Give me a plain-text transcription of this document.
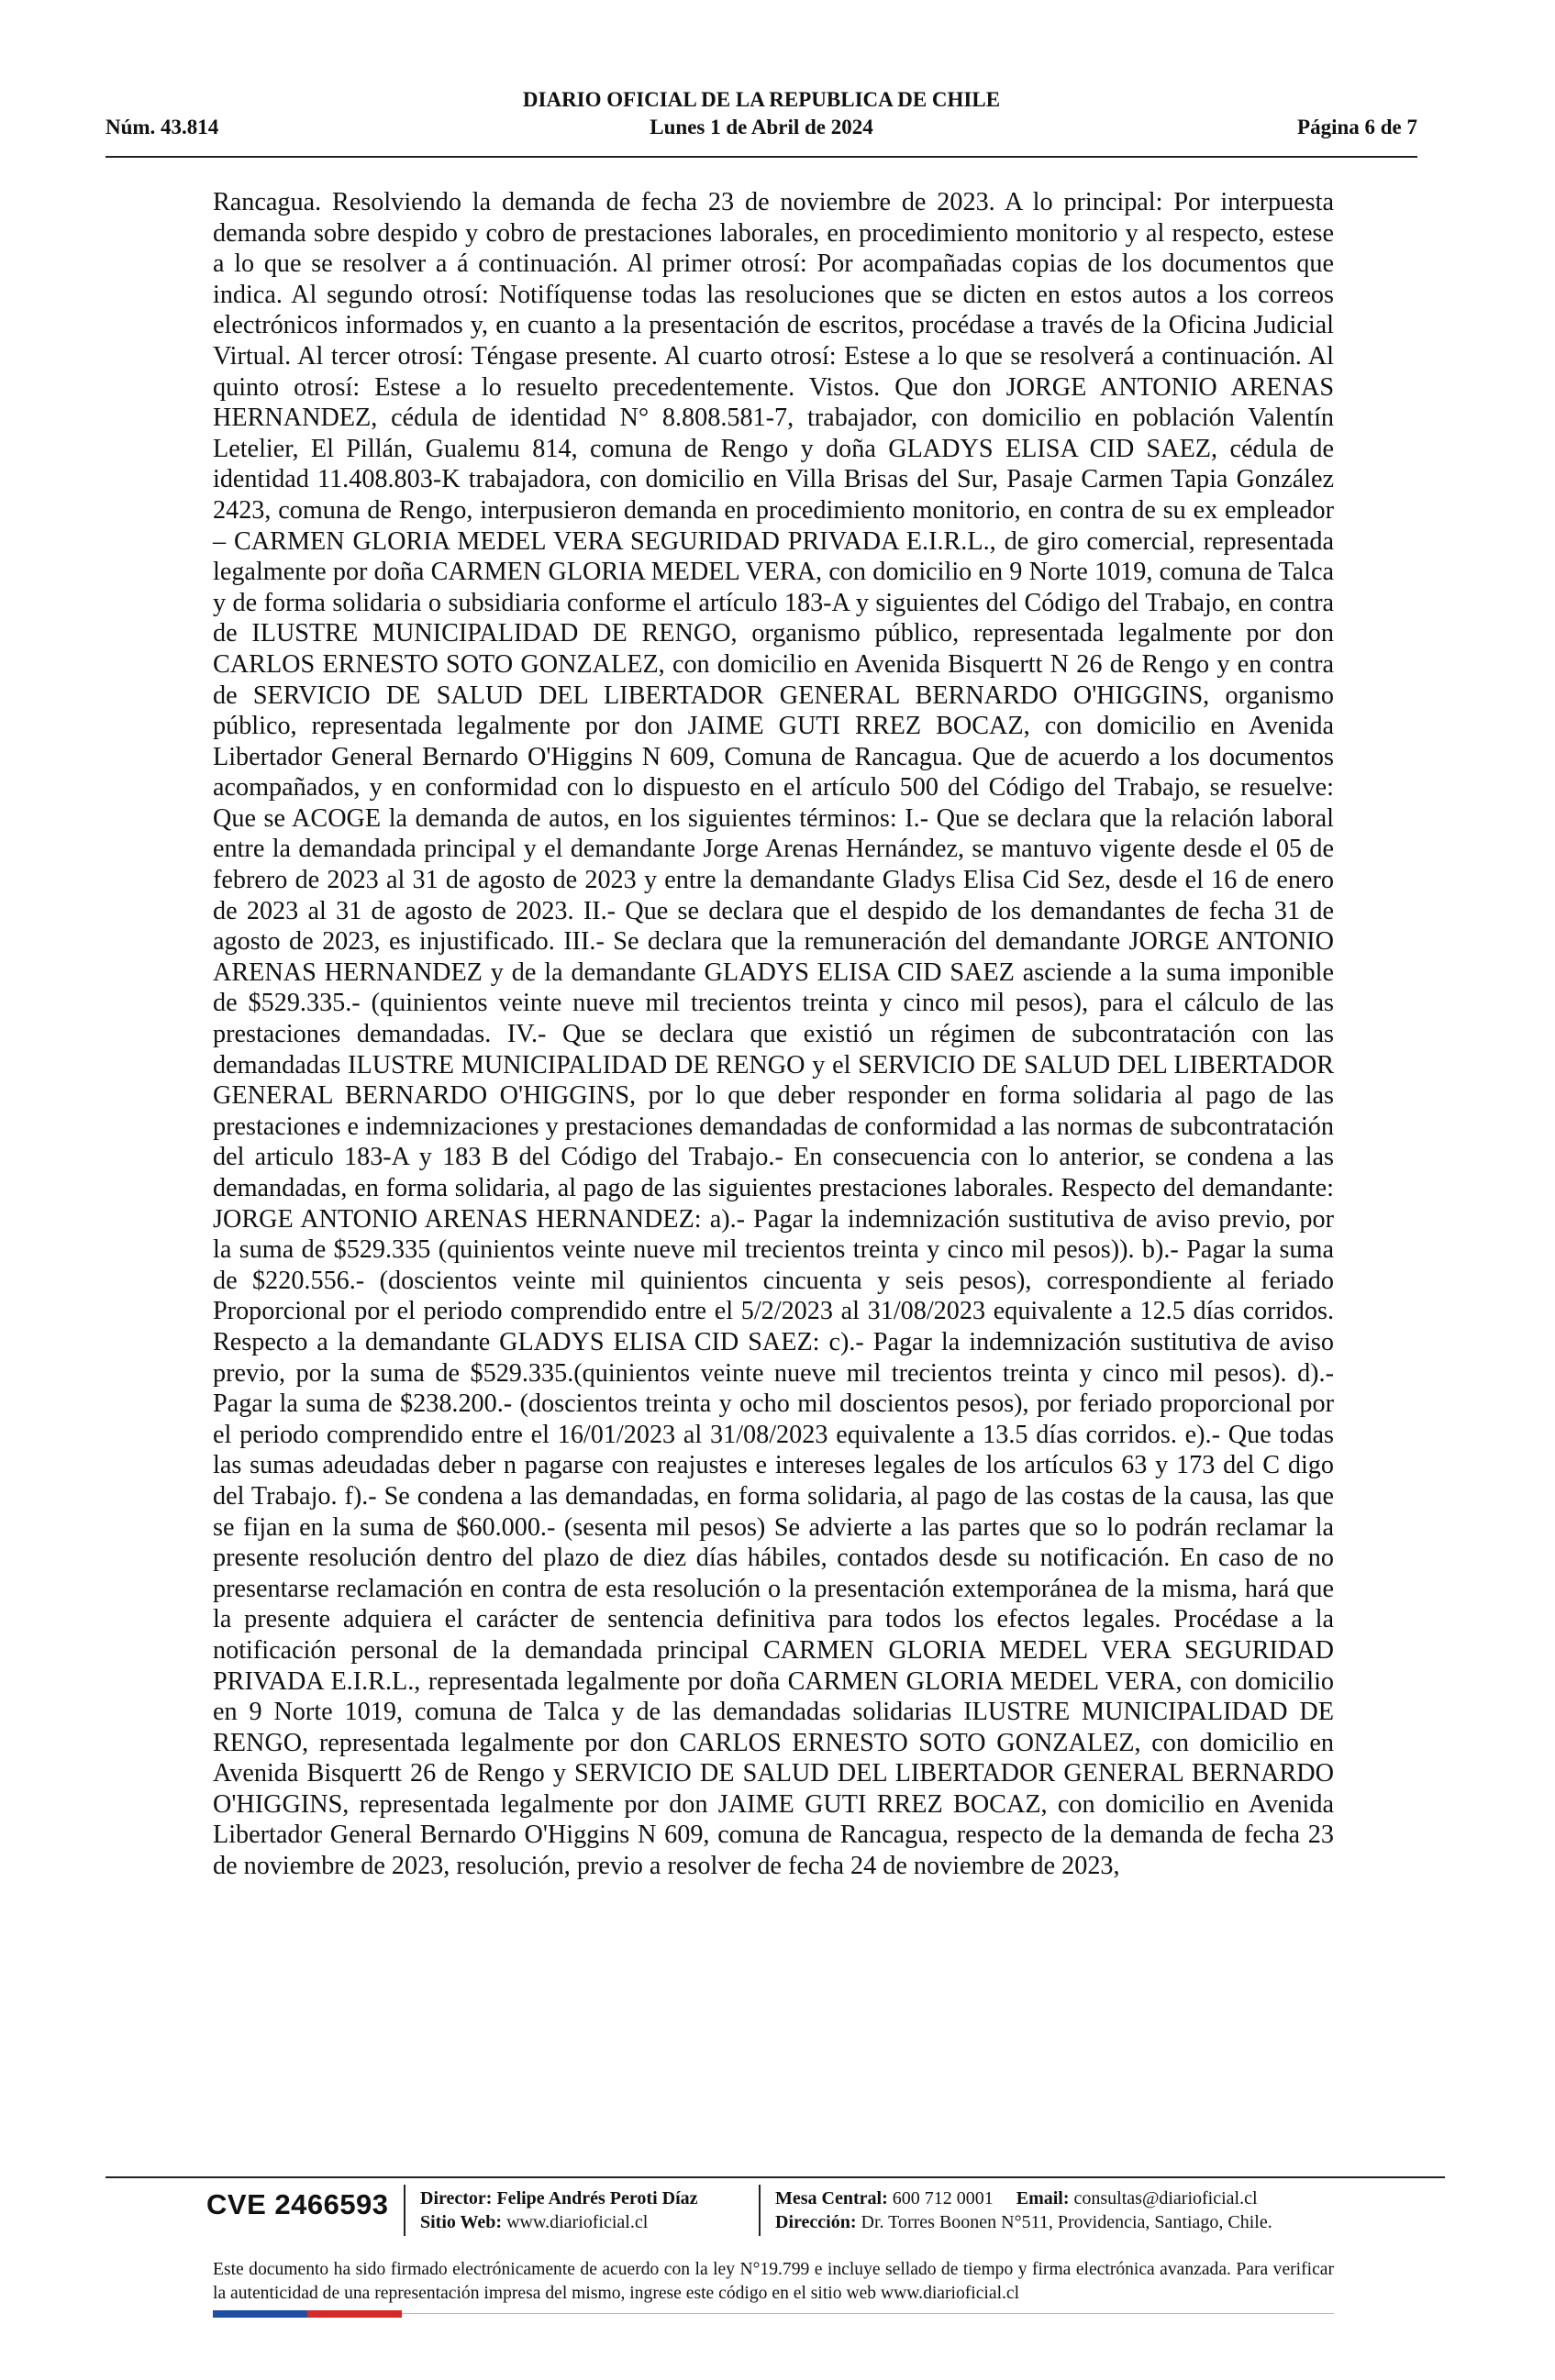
DIARIO OFICIAL DE LA REPUBLICA DE CHILE
Núm. 43.814	Lunes 1 de Abril de 2024	Página 6 de 7

Rancagua. Resolviendo la demanda de fecha 23 de noviembre de 2023. A lo principal: Por interpuesta demanda sobre despido y cobro de prestaciones laborales, en procedimiento monitorio y al respecto, estese a lo que se resolver a á continuación. Al primer otrosí: Por acompañadas copias de los documentos que indica. Al segundo otrosí: Notifíquense todas las resoluciones que se dicten en estos autos a los correos electrónicos informados y, en cuanto a la presentación de escritos, procédase a través de la Oficina Judicial Virtual. Al tercer otrosí: Téngase presente. Al cuarto otrosí: Estese a lo que se resolverá a continuación. Al quinto otrosí: Estese a lo resuelto precedentemente. Vistos. Que don JORGE ANTONIO ARENAS HERNANDEZ, cédula de identidad N° 8.808.581-7, trabajador, con domicilio en población Valentín Letelier, El Pillán, Gualemu 814, comuna de Rengo y doña GLADYS ELISA CID SAEZ, cédula de identidad 11.408.803-K trabajadora, con domicilio en Villa Brisas del Sur, Pasaje Carmen Tapia González 2423, comuna de Rengo, interpusieron demanda en procedimiento monitorio, en contra de su ex empleador – CARMEN GLORIA MEDEL VERA SEGURIDAD PRIVADA E.I.R.L., de giro comercial, representada legalmente por doña CARMEN GLORIA MEDEL VERA, con domicilio en 9 Norte 1019, comuna de Talca y de forma solidaria o subsidiaria conforme el artículo 183-A y siguientes del Código del Trabajo, en contra de ILUSTRE MUNICIPALIDAD DE RENGO, organismo público, representada legalmente por don CARLOS ERNESTO SOTO GONZALEZ, con domicilio en Avenida Bisquertt N 26 de Rengo y en contra de SERVICIO DE SALUD DEL LIBERTADOR GENERAL BERNARDO O'HIGGINS, organismo público, representada legalmente por don JAIME GUTI RREZ BOCAZ, con domicilio en Avenida Libertador General Bernardo O'Higgins N 609, Comuna de Rancagua. Que de acuerdo a los documentos acompañados, y en conformidad con lo dispuesto en el artículo 500 del Código del Trabajo, se resuelve: Que se ACOGE la demanda de autos, en los siguientes términos: I.- Que se declara que la relación laboral entre la demandada principal y el demandante Jorge Arenas Hernández, se mantuvo vigente desde el 05 de febrero de 2023 al 31 de agosto de 2023 y entre la demandante Gladys Elisa Cid Sez, desde el 16 de enero de 2023 al 31 de agosto de 2023. II.- Que se declara que el despido de los demandantes de fecha 31 de agosto de 2023, es injustificado. III.- Se declara que la remuneración del demandante JORGE ANTONIO ARENAS HERNANDEZ y de la demandante GLADYS ELISA CID SAEZ asciende a la suma imponible de $529.335.- (quinientos veinte nueve mil trecientos treinta y cinco mil pesos), para el cálculo de las prestaciones demandadas. IV.- Que se declara que existió un régimen de subcontratación con las demandadas ILUSTRE MUNICIPALIDAD DE RENGO y el SERVICIO DE SALUD DEL LIBERTADOR GENERAL BERNARDO O'HIGGINS, por lo que deber responder en forma solidaria al pago de las prestaciones e indemnizaciones y prestaciones demandadas de conformidad a las normas de subcontratación del articulo 183-A y 183 B del Código del Trabajo.- En consecuencia con lo anterior, se condena a las demandadas, en forma solidaria, al pago de las siguientes prestaciones laborales. Respecto del demandante: JORGE ANTONIO ARENAS HERNANDEZ: a).- Pagar la indemnización sustitutiva de aviso previo, por la suma de $529.335 (quinientos veinte nueve mil trecientos treinta y cinco mil pesos)). b).- Pagar la suma de $220.556.- (doscientos veinte mil quinientos cincuenta y seis pesos), correspondiente al feriado Proporcional por el periodo comprendido entre el 5/2/2023 al 31/08/2023 equivalente a 12.5 días corridos. Respecto a la demandante GLADYS ELISA CID SAEZ: c).- Pagar la indemnización sustitutiva de aviso previo, por la suma de $529.335.(quinientos veinte nueve mil trecientos treinta y cinco mil pesos). d).- Pagar la suma de $238.200.- (doscientos treinta y ocho mil doscientos pesos), por feriado proporcional por el periodo comprendido entre el 16/01/2023 al 31/08/2023 equivalente a 13.5 días corridos. e).- Que todas las sumas adeudadas deber n pagarse con reajustes e intereses legales de los artículos 63 y 173 del C digo del Trabajo. f).- Se condena a las demandadas, en forma solidaria, al pago de las costas de la causa, las que se fijan en la suma de $60.000.- (sesenta mil pesos) Se advierte a las partes que so lo podrán reclamar la presente resolución dentro del plazo de diez días hábiles, contados desde su notificación. En caso de no presentarse reclamación en contra de esta resolución o la presentación extemporánea de la misma, hará que la presente adquiera el carácter de sentencia definitiva para todos los efectos legales. Procédase a la notificación personal de la demandada principal CARMEN GLORIA MEDEL VERA SEGURIDAD PRIVADA E.I.R.L., representada legalmente por doña CARMEN GLORIA MEDEL VERA, con domicilio en 9 Norte 1019, comuna de Talca y de las demandadas solidarias ILUSTRE MUNICIPALIDAD DE RENGO, representada legalmente por don CARLOS ERNESTO SOTO GONZALEZ, con domicilio en Avenida Bisquertt 26 de Rengo y SERVICIO DE SALUD DEL LIBERTADOR GENERAL BERNARDO O'HIGGINS, representada legalmente por don JAIME GUTI RREZ BOCAZ, con domicilio en Avenida Libertador General Bernardo O'Higgins N 609, comuna de Rancagua, respecto de la demanda de fecha 23 de noviembre de 2023, resolución, previo a resolver de fecha 24 de noviembre de 2023,

CVE 2466593 Director: Felipe Andrés Peroti Díaz
Sitio Web: www.diarioficial.cl
Mesa Central: 600 712 0001 Email: consultas@diarioficial.cl
Dirección: Dr. Torres Boonen N°511, Providencia, Santiago, Chile.

Este documento ha sido firmado electrónicamente de acuerdo con la ley N°19.799 e incluye sellado de tiempo y firma electrónica avanzada. Para verificar la autenticidad de una representación impresa del mismo, ingrese este código en el sitio web www.diarioficial.cl
